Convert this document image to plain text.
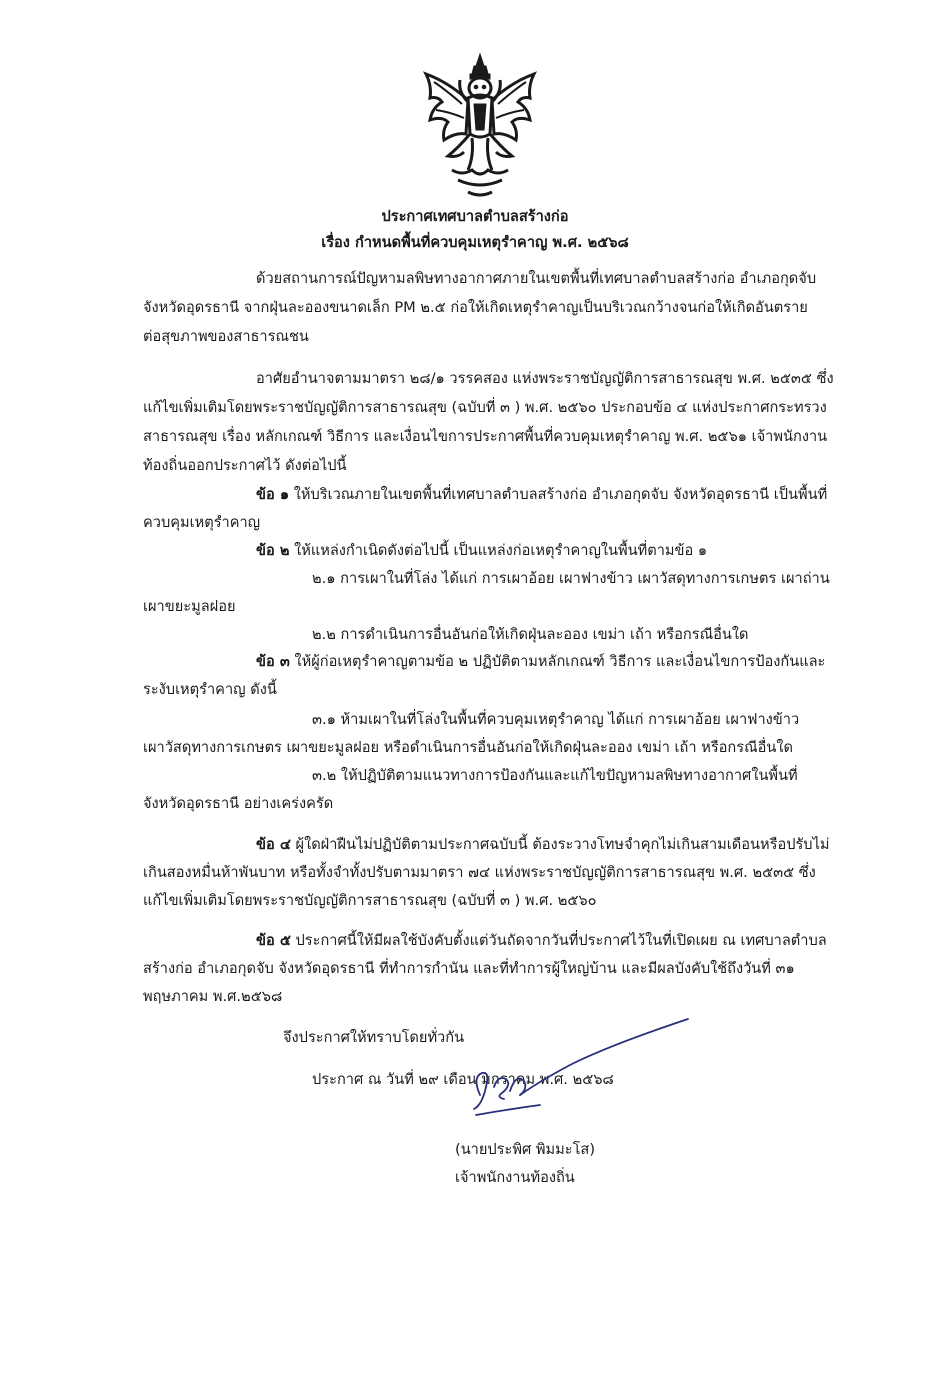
ประกาศเทศบาลตำบลสร้างก่อ
เรื่อง กำหนดพื้นที่ควบคุมเหตุรำคาญ พ.ศ. ๒๕๖๘
ด้วยสถานการณ์ปัญหามลพิษทางอากาศภายในเขตพื้นที่เทศบาลตำบลสร้างก่อ อำเภอกุดจับ
จังหวัดอุดรธานี จากฝุ่นละอองขนาดเล็ก PM ๒.๕ ก่อให้เกิดเหตุรำคาญเป็นบริเวณกว้างจนก่อให้เกิดอันตราย
ต่อสุขภาพของสาธารณชน
อาศัยอำนาจตามมาตรา ๒๘/๑ วรรคสอง แห่งพระราชบัญญัติการสาธารณสุข พ.ศ. ๒๕๓๕ ซึ่ง
แก้ไขเพิ่มเติมโดยพระราชบัญญัติการสาธารณสุข (ฉบับที่ ๓ ) พ.ศ. ๒๕๖๐ ประกอบข้อ ๔ แห่งประกาศกระทรวง
สาธารณสุข เรื่อง หลักเกณฑ์ วิธีการ และเงื่อนไขการประกาศพื้นที่ควบคุมเหตุรำคาญ พ.ศ. ๒๕๖๑ เจ้าพนักงาน
ท้องถิ่นออกประกาศไว้ ดังต่อไปนี้
ข้อ ๑ ให้บริเวณภายในเขตพื้นที่เทศบาลตำบลสร้างก่อ อำเภอกุดจับ จังหวัดอุดรธานี เป็นพื้นที่
ควบคุมเหตุรำคาญ
ข้อ ๒ ให้แหล่งกำเนิดดังต่อไปนี้ เป็นแหล่งก่อเหตุรำคาญในพื้นที่ตามข้อ ๑
๒.๑ การเผาในที่โล่ง ได้แก่ การเผาอ้อย เผาฟางข้าว เผาวัสดุทางการเกษตร เผาถ่าน
เผาขยะมูลฝอย
๒.๒ การดำเนินการอื่นอันก่อให้เกิดฝุ่นละออง เขม่า เถ้า หรือกรณีอื่นใด
ข้อ ๓ ให้ผู้ก่อเหตุรำคาญตามข้อ ๒ ปฏิบัติตามหลักเกณฑ์ วิธีการ และเงื่อนไขการป้องกันและ
ระงับเหตุรำคาญ ดังนี้
๓.๑ ห้ามเผาในที่โล่งในพื้นที่ควบคุมเหตุรำคาญ ได้แก่ การเผาอ้อย เผาฟางข้าว
เผาวัสดุทางการเกษตร เผาขยะมูลฝอย หรือดำเนินการอื่นอันก่อให้เกิดฝุ่นละออง เขม่า เถ้า หรือกรณีอื่นใด
๓.๒ ให้ปฏิบัติตามแนวทางการป้องกันและแก้ไขปัญหามลพิษทางอากาศในพื้นที่
จังหวัดอุดรธานี อย่างเคร่งครัด
ข้อ ๔ ผู้ใดฝ่าฝืนไม่ปฏิบัติตามประกาศฉบับนี้ ต้องระวางโทษจำคุกไม่เกินสามเดือนหรือปรับไม่
เกินสองหมื่นห้าพันบาท หรือทั้งจำทั้งปรับตามมาตรา ๗๔ แห่งพระราชบัญญัติการสาธารณสุข พ.ศ. ๒๕๓๕ ซึ่ง
แก้ไขเพิ่มเติมโดยพระราชบัญญัติการสาธารณสุข (ฉบับที่ ๓ ) พ.ศ. ๒๕๖๐
ข้อ ๕ ประกาศนี้ให้มีผลใช้บังคับตั้งแต่วันถัดจากวันที่ประกาศไว้ในที่เปิดเผย ณ เทศบาลตำบล
สร้างก่อ อำเภอกุดจับ จังหวัดอุดรธานี ที่ทำการกำนัน และที่ทำการผู้ใหญ่บ้าน และมีผลบังคับใช้ถึงวันที่ ๓๑
พฤษภาคม พ.ศ.๒๕๖๘
จึงประกาศให้ทราบโดยทั่วกัน
ประกาศ ณ วันที่ ๒๙ เดือน มกราคม พ.ศ. ๒๕๖๘
(นายประพิศ พิมมะโส)
เจ้าพนักงานท้องถิ่น
